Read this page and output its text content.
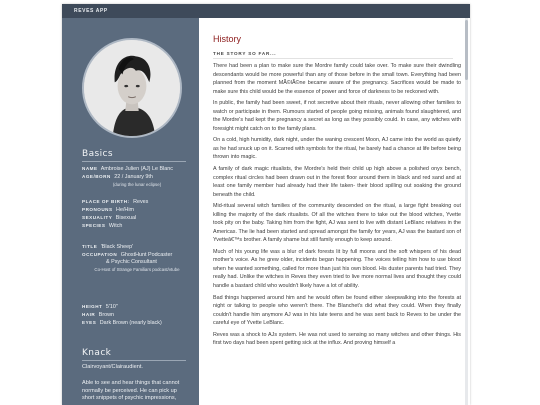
REVES APP
Basics
NAME Ambroise Julien (AJ) Le Blanc
AGE/BORN 22 / January 9th
(during the lunar eclipse)
PLACE OF BIRTH: Reves
PRONOUNS He/Him
SEXUALITY Bisexual
SPECIES Witch
TITLE 'Black Sheep'
OCCUPATION GhostHunt Podcaster
& Psychic Consultant
Co-Host of Strange Familiars podcast/vtube
HEIGHT 5'10"
HAIR Brown
EYES Dark Brown (nearly black)
Knack
Clairvoyant/Clairaudient.
Able to see and hear things that cannot normally be perceived. He can pick up short snippets of psychic impressions,
History
THE STORY SO FAR...

There had been a plan to make sure the Mordre family could take over. To make sure their dwindling descendants would be more powerful than any of those before in the small town. Everything had been planned from the moment MÃ©lÃ©ne became aware of the pregnancy. Sacrifices would be made to make sure this child would be the essence of power and force of darkness to be reckoned with.

In public, the family had been sweet, if not secretive about their rituals, never allowing other families to watch or participate in them. Rumours started of people going missing, animals found slaughtered, and the Mordre's had kept the pregnancy a secret as long as they possibly could. In case, any witches with foresight might catch on to the family plans.

On a cold, high humidity, dark night, under the waning crescent Moon, AJ came into the world as quietly as he had snuck up on it. Scarred with symbols for the ritual, he barely had a chance at life before being thrown into magic.

A family of dark magic ritualists, the Mordre's held their child up high above a polished onyx bench, complex ritual circles had been drawn out in the forest floor around them in black and red sand and at least one family member had already had their life taken- their blood spilling out soaking the ground beneath the child.

Mid-ritual several witch families of the community descended on the ritual, a large fight breaking out killing the majority of the dark ritualists. Of all the witches there to take out the blood witches, Yvette took pity on the baby. Taking him from the fight, AJ was sent to live with distant LeBlanc relatives in the Americas. The lie had been started and spread amongst the family for years, AJ was the bastard son of Yvetteâ€™s brother. A family shame but still family enough to keep around.

Much of his young life was a blur of dark forests lit by full moons and the soft whispers of his dead mother's voice. As he grew older, incidents began happening. The voices telling him how to use blood when he wanted something, called for more than just his own blood. His duster parents had tried. They really had. Unlike the witches in Reves they even tried to live more normal lives and thought they could handle a bastard child who wouldn't likely have a lot of ability.

Bad things happened around him and he would often be found either sleepwalking into the forests at night or talking to people who weren't there. The Blanchet's did what they could. When they finally couldn't handle him anymore AJ was in his late teens and he was sent back to Reves to be under the careful eye of Yvette LeBlanc.

Reves was a shock to AJs system. He was not used to sensing so many witches and other things. His first two days had been spent getting sick at the influx. And proving himself a
